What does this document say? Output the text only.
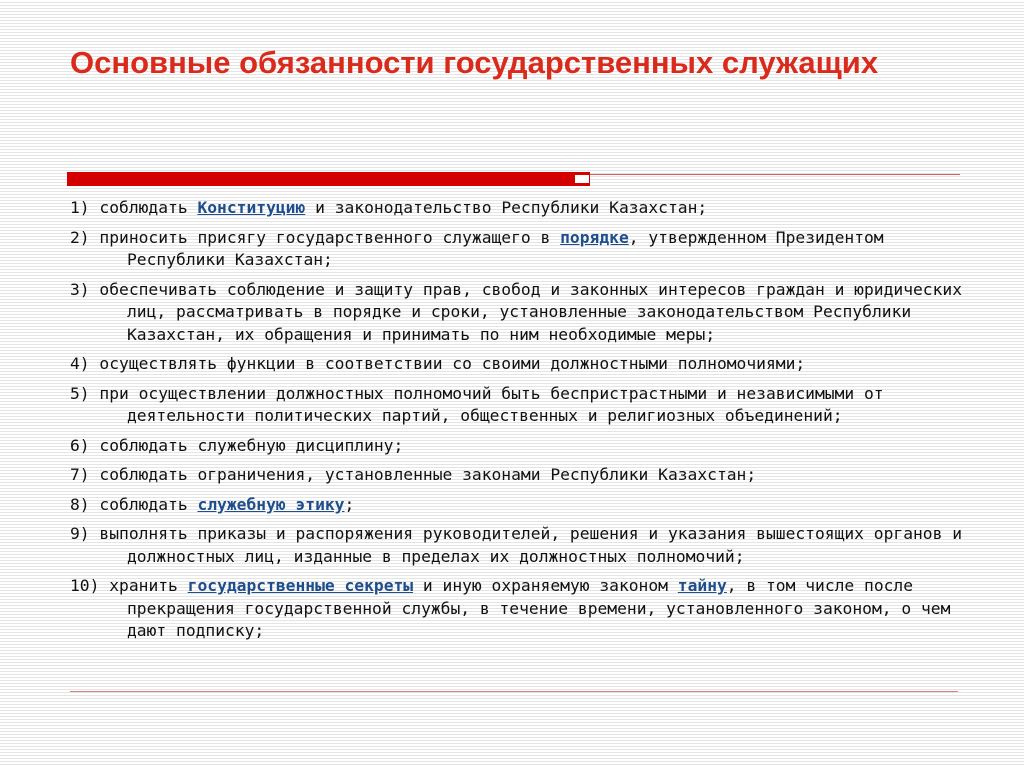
Основные обязанности государственных служащих
1) соблюдать Конституцию и законодательство Республики Казахстан;
2) приносить присягу государственного служащего в порядке, утвержденном Президентом Республики Казахстан;
3) обеспечивать соблюдение и защиту прав, свобод и законных интересов граждан и юридических лиц, рассматривать в порядке и сроки, установленные законодательством Республики Казахстан, их обращения и принимать по ним необходимые меры;
4) осуществлять функции в соответствии со своими должностными полномочиями;
5) при осуществлении должностных полномочий быть беспристрастными и независимыми от деятельности политических партий, общественных и религиозных объединений;
6) соблюдать служебную дисциплину;
7) соблюдать ограничения, установленные законами Республики Казахстан;
8) соблюдать служебную этику;
9) выполнять приказы и распоряжения руководителей, решения и указания вышестоящих органов и должностных лиц, изданные в пределах их должностных полномочий;
10) хранить государственные секреты и иную охраняемую законом тайну, в том числе после прекращения государственной службы, в течение времени, установленного законом, о чем дают подписку;
